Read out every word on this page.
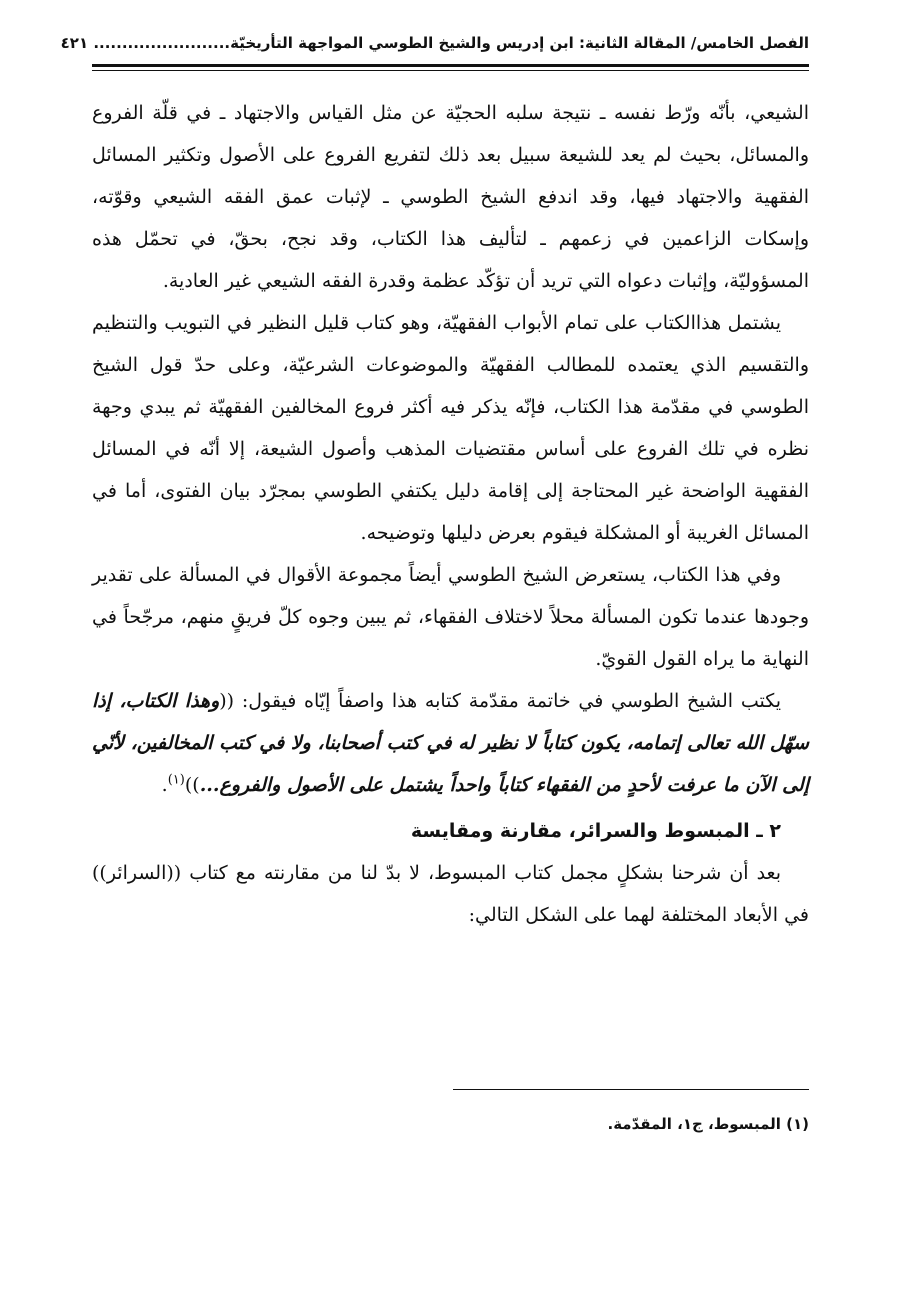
الفصل الخامس/ المقالة الثانية: ابن إدريس والشيخ الطوسي المواجهة التأريخيّة
........................ ٤٢١

الشيعي، بأنّه ورّط نفسه ـ نتيجة سلبه الحجيّة عن مثل القياس والاجتهاد ـ في قلّة الفروع والمسائل، بحيث لم يعد للشيعة سبيل بعد ذلك لتفريع الفروع على الأصول وتكثير المسائل الفقهية والاجتهاد فيها، وقد اندفع الشيخ الطوسي ـ لإثبات عمق الفقه الشيعي وقوّته، وإسكات الزاعمين في زعمهم ـ لتأليف هذا الكتاب، وقد نجح، بحقّ، في تحمّل هذه المسؤوليّة، وإثبات دعواه التي تريد أن تؤكّد عظمة وقدرة الفقه الشيعي غير العادية.

يشتمل هذاالكتاب على تمام الأبواب الفقهيّة، وهو كتاب قليل النظير في التبويب والتنظيم والتقسيم الذي يعتمده للمطالب الفقهيّة والموضوعات الشرعيّة، وعلى حدّ قول الشيخ الطوسي في مقدّمة هذا الكتاب، فإنّه يذكر فيه أكثر فروع المخالفين الفقهيّة ثم يبدي وجهة نظره في تلك الفروع على أساس مقتضيات المذهب وأصول الشيعة، إلا أنّه في المسائل الفقهية الواضحة غير المحتاجة إلى إقامة دليل يكتفي الطوسي بمجرّد بيان الفتوى، أما في المسائل الغريبة أو المشكلة فيقوم بعرض دليلها وتوضيحه.

وفي هذا الكتاب، يستعرض الشيخ الطوسي أيضاً مجموعة الأقوال في المسألة على تقدير وجودها عندما تكون المسألة محلاً لاختلاف الفقهاء، ثم يبين وجوه كلّ فريقٍ منهم، مرجّحاً في النهاية ما يراه القول القويّ.

يكتب الشيخ الطوسي في خاتمة مقدّمة كتابه هذا واصفاً إيّاه فيقول: ((وهذا الكتاب، إذا سهّل الله تعالى إتمامه، يكون كتاباً لا نظير له في كتب أصحابنا، ولا في كتب المخالفين، لأنّي إلى الآن ما عرفت لأحدٍ من الفقهاء كتاباً واحداً يشتمل على الأصول والفروع...))$^{(١)}$.

٢ ـ المبسوط والسرائر، مقارنة ومقايسة

بعد أن شرحنا بشكلٍ مجمل كتاب المبسوط، لا بدّ لنا من مقارنته مع كتاب ((السرائر)) في الأبعاد المختلفة لهما على الشكل التالي:

(١) المبسوط، ج١، المقدّمة.
